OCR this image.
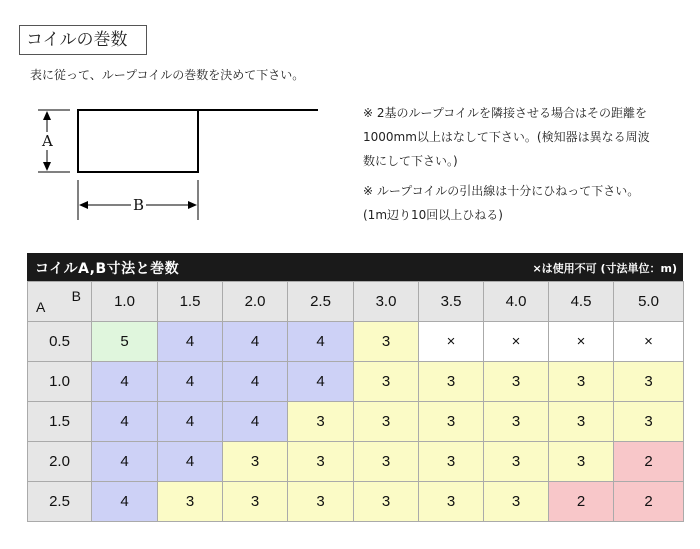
コイルの巻数
表に従って、ループコイルの巻数を決めて下さい。
A
B

※ 2基のループコイルを隣接させる場合はその距離を

1000mm以上はなして下さい。(検知器は異なる周波

数にして下さい。)

※ ループコイルの引出線は十分にひねって下さい。

(1m辺り10回以上ひねる)

コイルA,B寸法と巻数	×は使用不可 (寸法単位：m)
B
A	1.0	1.5	2.0	2.5	3.0	3.5	4.0	4.5	5.0
0.5	5	4	4	4	3	×	×	×	×
1.0	4	4	4	4	3	3	3	3	3
1.5	4	4	4	3	3	3	3	3	3
2.0	4	4	3	3	3	3	3	3	2
2.5	4	3	3	3	3	3	3	2	2
